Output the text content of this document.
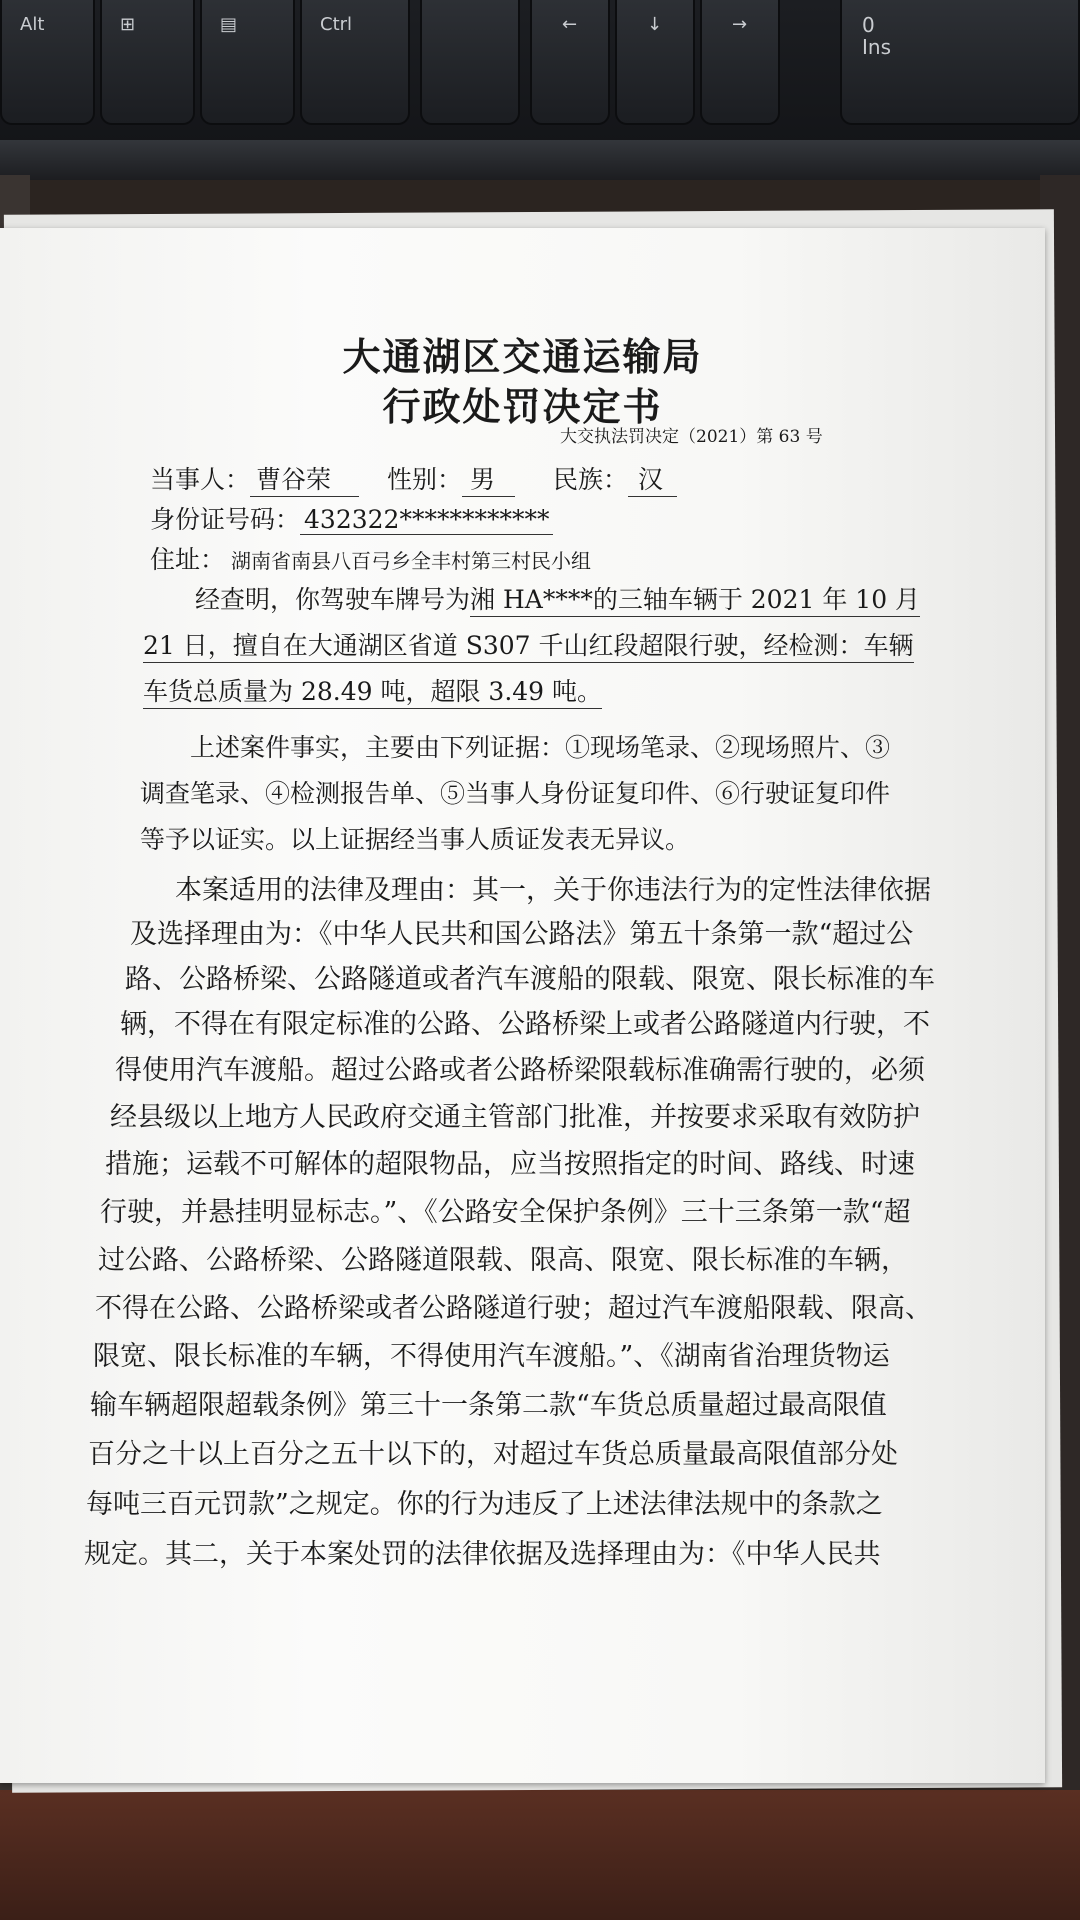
Alt	⊞	▤	Ctrl	←	↓	→	0
Ins
大通湖区交通运输局
行政处罚决定书
大交执法罚决定（2021）第 63 号
当事人： 曹谷荣 性别： 男 民族： 汉
身份证号码： 432322************
住址： 湖南省南县八百弓乡全丰村第三村民小组
经查明，你驾驶车牌号为湘 HA****的三轴车辆于 2021 年 10 月
21 日，擅自在大通湖区省道 S307 千山红段超限行驶，经检测：车辆
车货总质量为 28.49 吨，超限 3.49 吨。
上述案件事实，主要由下列证据：①现场笔录、②现场照片、③
调查笔录、④检测报告单、⑤当事人身份证复印件、⑥行驶证复印件
等予以证实。以上证据经当事人质证发表无异议。
本案适用的法律及理由：其一，关于你违法行为的定性法律依据
及选择理由为：《中华人民共和国公路法》第五十条第一款“超过公
路、公路桥梁、公路隧道或者汽车渡船的限载、限宽、限长标准的车
辆，不得在有限定标准的公路、公路桥梁上或者公路隧道内行驶，不
得使用汽车渡船。超过公路或者公路桥梁限载标准确需行驶的，必须
经县级以上地方人民政府交通主管部门批准，并按要求采取有效防护
措施；运载不可解体的超限物品，应当按照指定的时间、路线、时速
行驶，并悬挂明显标志。”、《公路安全保护条例》三十三条第一款“超
过公路、公路桥梁、公路隧道限载、限高、限宽、限长标准的车辆，
不得在公路、公路桥梁或者公路隧道行驶；超过汽车渡船限载、限高、
限宽、限长标准的车辆，不得使用汽车渡船。”、《湖南省治理货物运
输车辆超限超载条例》第三十一条第二款“车货总质量超过最高限值
百分之十以上百分之五十以下的，对超过车货总质量最高限值部分处
每吨三百元罚款”之规定。你的行为违反了上述法律法规中的条款之
规定。其二，关于本案处罚的法律依据及选择理由为：《中华人民共
